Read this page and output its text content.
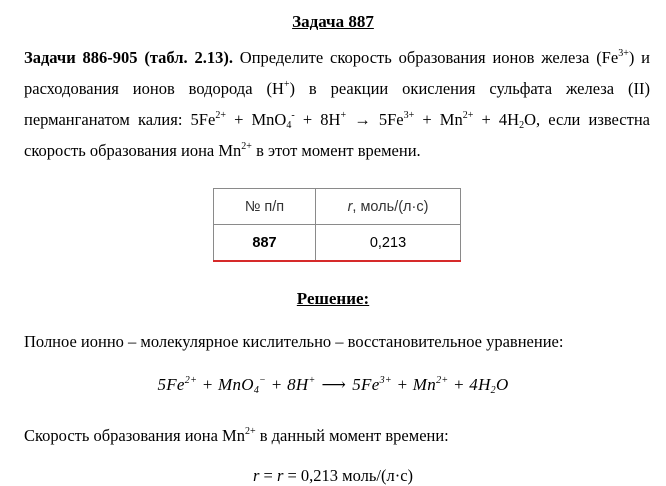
Задача 887
Задачи 886-905 (табл. 2.13). Определите скорость образования ионов железа $(Fe^{3+})$ и расходования ионов водорода (H+) в реакции окисления сульфата железа (II) перманганатом калия: $5Fe^{2+} + MnO_4^- + 8H^+ \to 5Fe^{3+} + Mn^{2+} + 4H_2O$, если известна скорость образования иона $Mn^{2+}$ в этот момент времени.
№ п/п	r, моль/(л·с)
887	0,213
Решение:
Полное ионно – молекулярное кислительно – восстановительное уравнение:
$5Fe^{2+} + MnO_4^- + 8H^+$ ⟶ $5Fe^{3+} + Mn^{2+} + 4H_2O$
Скорость образования иона $Mn^{2+}$ в данный момент времени:
r = r = 0,213 моль/(л·с)
